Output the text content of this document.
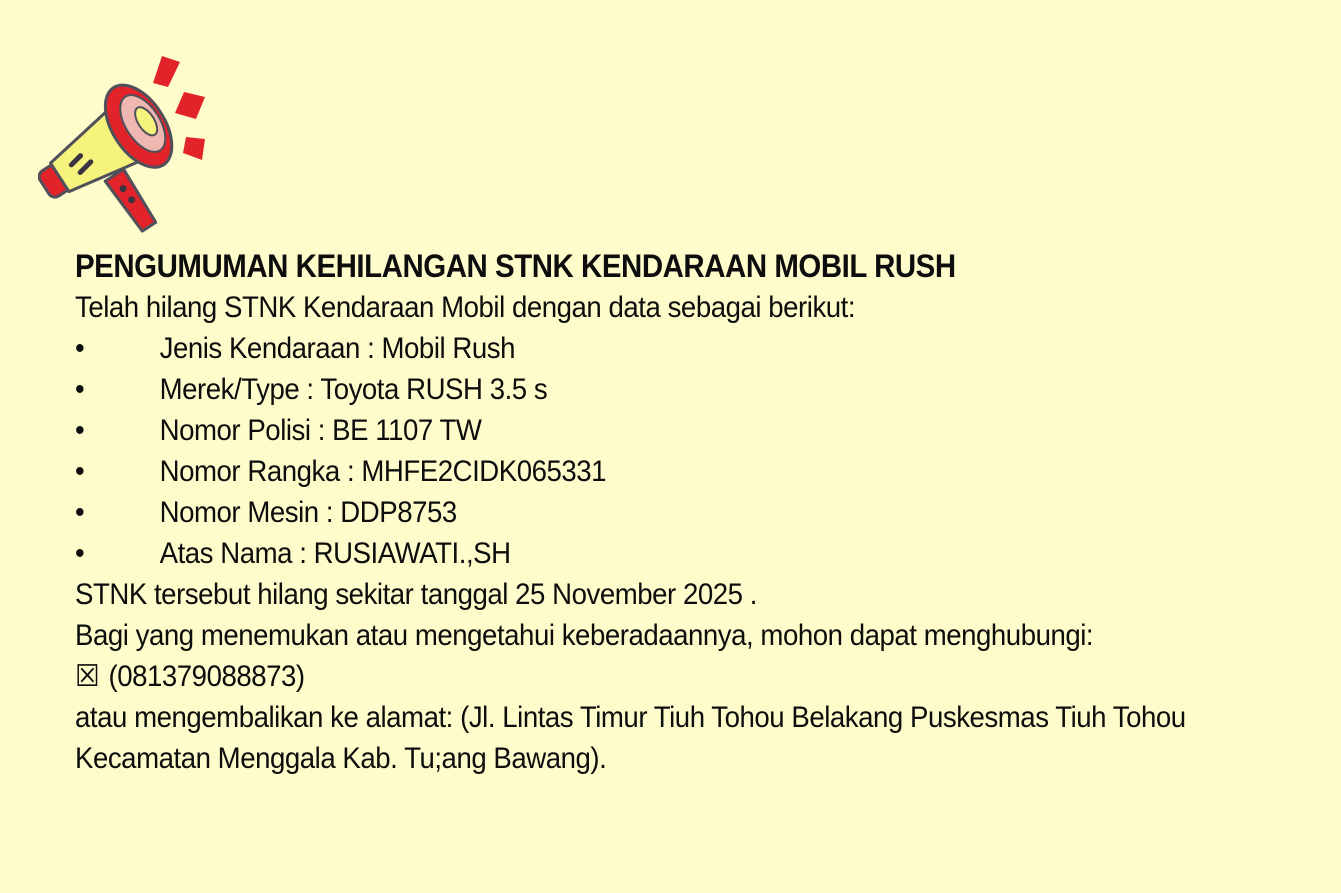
PENGUMUMAN KEHILANGAN STNK KENDARAAN MOBIL RUSH
Telah hilang STNK Kendaraan Mobil dengan data sebagai berikut:
•	Jenis Kendaraan : Mobil Rush
•	Merek/Type : Toyota RUSH 3.5 s
•	Nomor Polisi : BE 1107 TW
•	Nomor Rangka : MHFE2CIDK065331
•	Nomor Mesin : DDP8753
•	Atas Nama : RUSIAWATI.,SH
STNK tersebut hilang sekitar tanggal 25 November 2025 .
Bagi yang menemukan atau mengetahui keberadaannya, mohon dapat menghubungi:
☒ (081379088873)
atau mengembalikan ke alamat: (Jl. Lintas Timur Tiuh Tohou Belakang Puskesmas Tiuh Tohou
Kecamatan Menggala Kab. Tu;ang Bawang).
